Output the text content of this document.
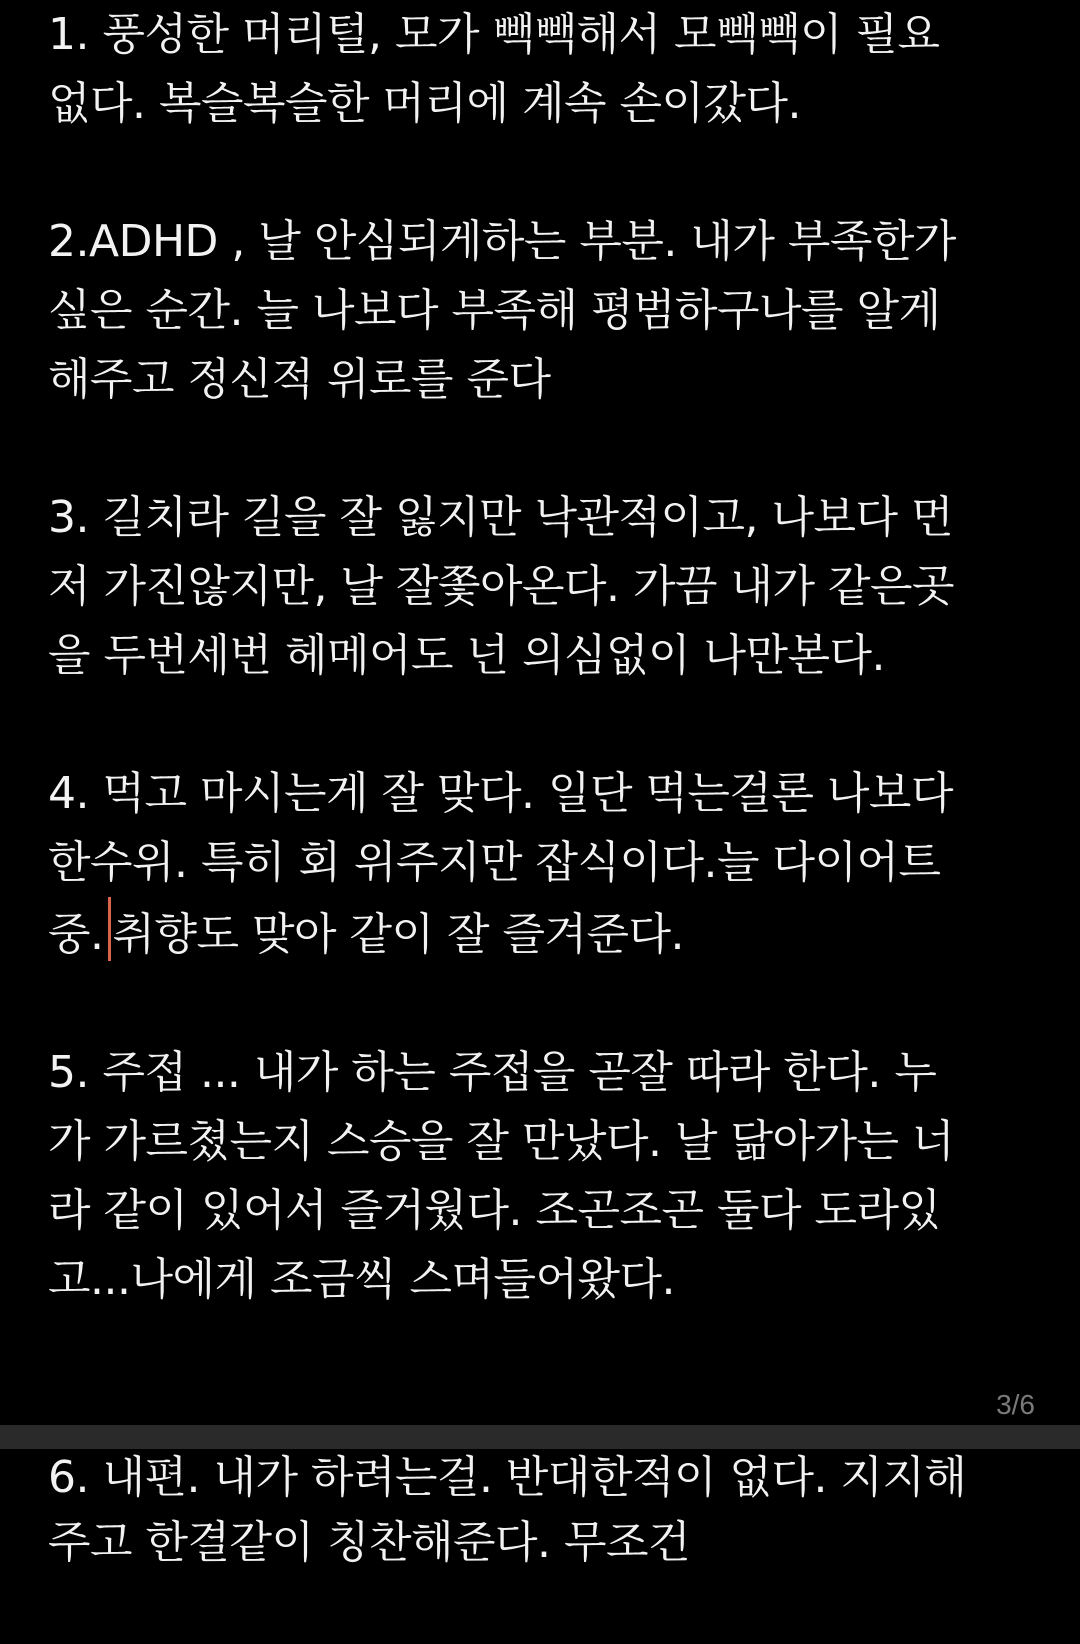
1. 풍성한 머리털, 모가 빽빽해서 모빽빽이 필요
없다. 복슬복슬한 머리에 계속 손이갔다.

2.ADHD , 날 안심되게하는 부분. 내가 부족한가
싶은 순간. 늘 나보다 부족해 평범하구나를 알게
해주고 정신적 위로를 준다

3. 길치라 길을 잘 잃지만 낙관적이고, 나보다 먼
저 가진않지만, 날 잘쫓아온다. 가끔 내가 같은곳
을 두번세번 헤메어도 넌 의심없이 나만본다.

4. 먹고 마시는게 잘 맞다. 일단 먹는걸론 나보다
한수위. 특히 회 위주지만 잡식이다.늘 다이어트
중. 취향도 맞아 같이 잘 즐겨준다.

5. 주접 ... 내가 하는 주접을 곧잘 따라 한다. 누
가 가르쳤는지 스승을 잘 만났다. 날 닮아가는 너
라 같이 있어서 즐거웠다. 조곤조곤 둘다 도라있
고...나에게 조금씩 스며들어왔다.

3/6

6. 내편. 내가 하려는걸. 반대한적이 없다. 지지해
주고 한결같이 칭찬해준다. 무조건
